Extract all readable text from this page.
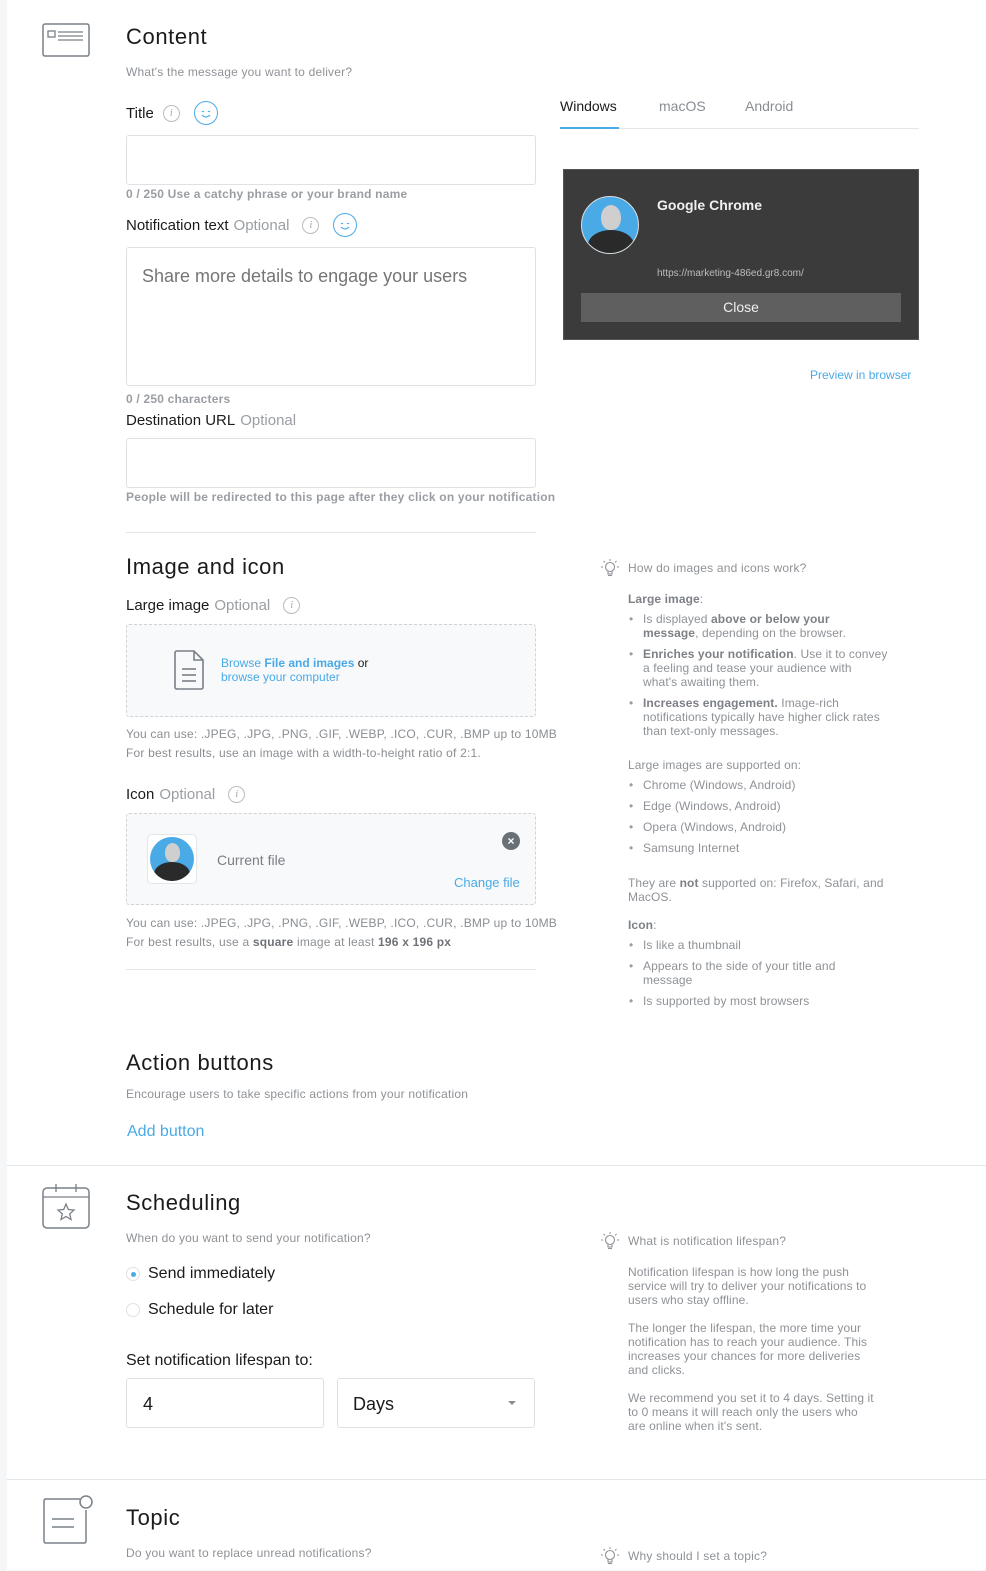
Content
What's the message you want to deliver?
Title	i
0 / 250 Use a catchy phrase or your brand name
Notification text Optional	i
Share more details to engage your users
0 / 250 characters
Destination URL Optional
People will be redirected to this page after they click on your notification
Windows	macOS	Android
Google Chrome
https://marketing-486ed.gr8.com/
Close
Preview in browser
Image and icon
Large image Optional	i
Browse File and images or
browse your computer
You can use: .JPEG, .JPG, .PNG, .GIF, .WEBP, .ICO, .CUR, .BMP up to 10MB
For best results, use an image with a width-to-height ratio of 2:1.
Icon Optional	i
Current file
×
Change file
You can use: .JPEG, .JPG, .PNG, .GIF, .WEBP, .ICO, .CUR, .BMP up to 10MB
For best results, use a square image at least 196 x 196 px
How do images and icons work?
Large image:
• Is displayed above or below your message, depending on the browser.
• Enriches your notification. Use it to convey a feeling and tease your audience with what's awaiting them.
• Increases engagement. Image-rich notifications typically have higher click rates than text-only messages.
Large images are supported on:
• Chrome (Windows, Android)
• Edge (Windows, Android)
• Opera (Windows, Android)
• Samsung Internet
They are not supported on: Firefox, Safari, and MacOS.
Icon:
• Is like a thumbnail
• Appears to the side of your title and message
• Is supported by most browsers
Action buttons
Encourage users to take specific actions from your notification
Add button
Scheduling
When do you want to send your notification?
Send immediately
Schedule for later
Set notification lifespan to:
4	Days
What is notification lifespan?

Notification lifespan is how long the push service will try to deliver your notifications to users who stay offline.

The longer the lifespan, the more time your notification has to reach your audience. This increases your chances for more deliveries and clicks.

We recommend you set it to 4 days. Setting it to 0 means it will reach only the users who are online when it's sent.

Topic
Do you want to replace unread notifications?	Why should I set a topic?
